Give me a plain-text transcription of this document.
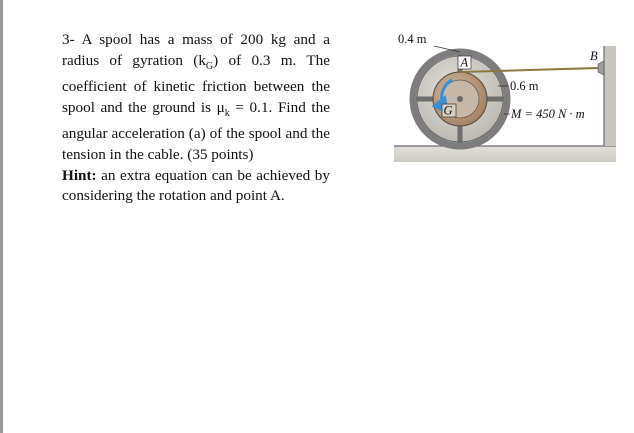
3- A spool has a mass of 200 kg and a radius of gyration $(k_G)$ of 0.3 m. The coefficient of kinetic friction between the spool and the ground is $\mu_k = 0.1$. Find the angular acceleration (a) of the spool and the tension in the cable. (35 points)
Hint: an extra equation can be achieved by considering the rotation and point A.

0.4 m
A	B
G
0.6 m
M = 450 N · m
